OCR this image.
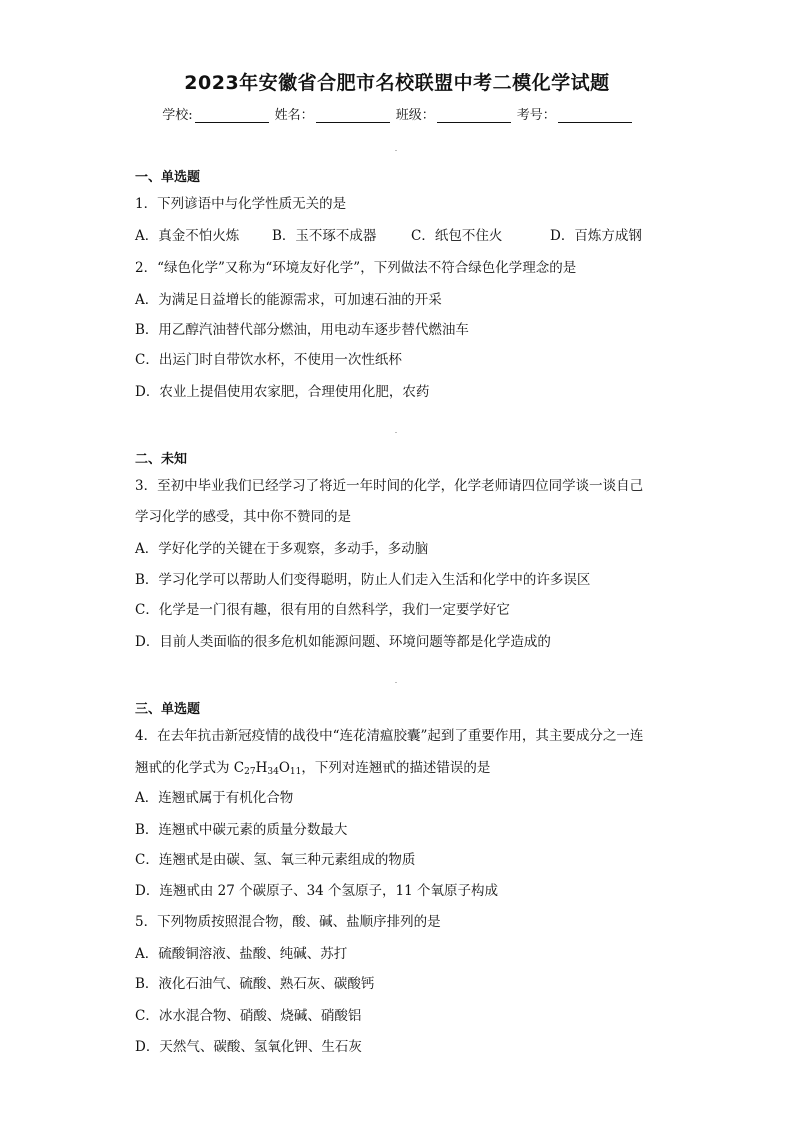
2023年安徽省合肥市名校联盟中考二模化学试题
学校:	姓名：	班级：	考号：
一、单选题
1．下列谚语中与化学性质无关的是
A．真金不怕火炼 B．玉不琢不成器	C．纸包不住火	D．百炼方成钢
2．“绿色化学”又称为“环境友好化学”，下列做法不符合绿色化学理念的是
A．为满足日益增长的能源需求，可加速石油的开采
B．用乙醇汽油替代部分燃油，用电动车逐步替代燃油车
C．出运门时自带饮水杯，不使用一次性纸杯
D．农业上提倡使用农家肥，合理使用化肥，农药
二、未知
3．至初中毕业我们已经学习了将近一年时间的化学，化学老师请四位同学谈一谈自己
学习化学的感受，其中你不赞同的是
A．学好化学的关键在于多观察，多动手，多动脑
B．学习化学可以帮助人们变得聪明，防止人们走入生活和化学中的许多误区
C．化学是一门很有趣，很有用的自然科学，我们一定要学好它
D．目前人类面临的很多危机如能源问题、环境问题等都是化学造成的
三、单选题
4．在去年抗击新冠疫情的战役中“连花清瘟胶囊”起到了重要作用，其主要成分之一连
翘甙的化学式为 $C_{27}H_{34}O_{11}$，下列对连翘甙的描述错误的是
A．连翘甙属于有机化合物
B．连翘甙中碳元素的质量分数最大
C．连翘甙是由碳、氢、氧三种元素组成的物质
D．连翘甙由 27 个碳原子、34 个氢原子，11 个氧原子构成
5．下列物质按照混合物，酸、碱、盐顺序排列的是
A．硫酸铜溶液、盐酸、纯碱、苏打
B．液化石油气、硫酸、熟石灰、碳酸钙
C．冰水混合物、硝酸、烧碱、硝酸铝
D．天然气、碳酸、氢氧化钾、生石灰
